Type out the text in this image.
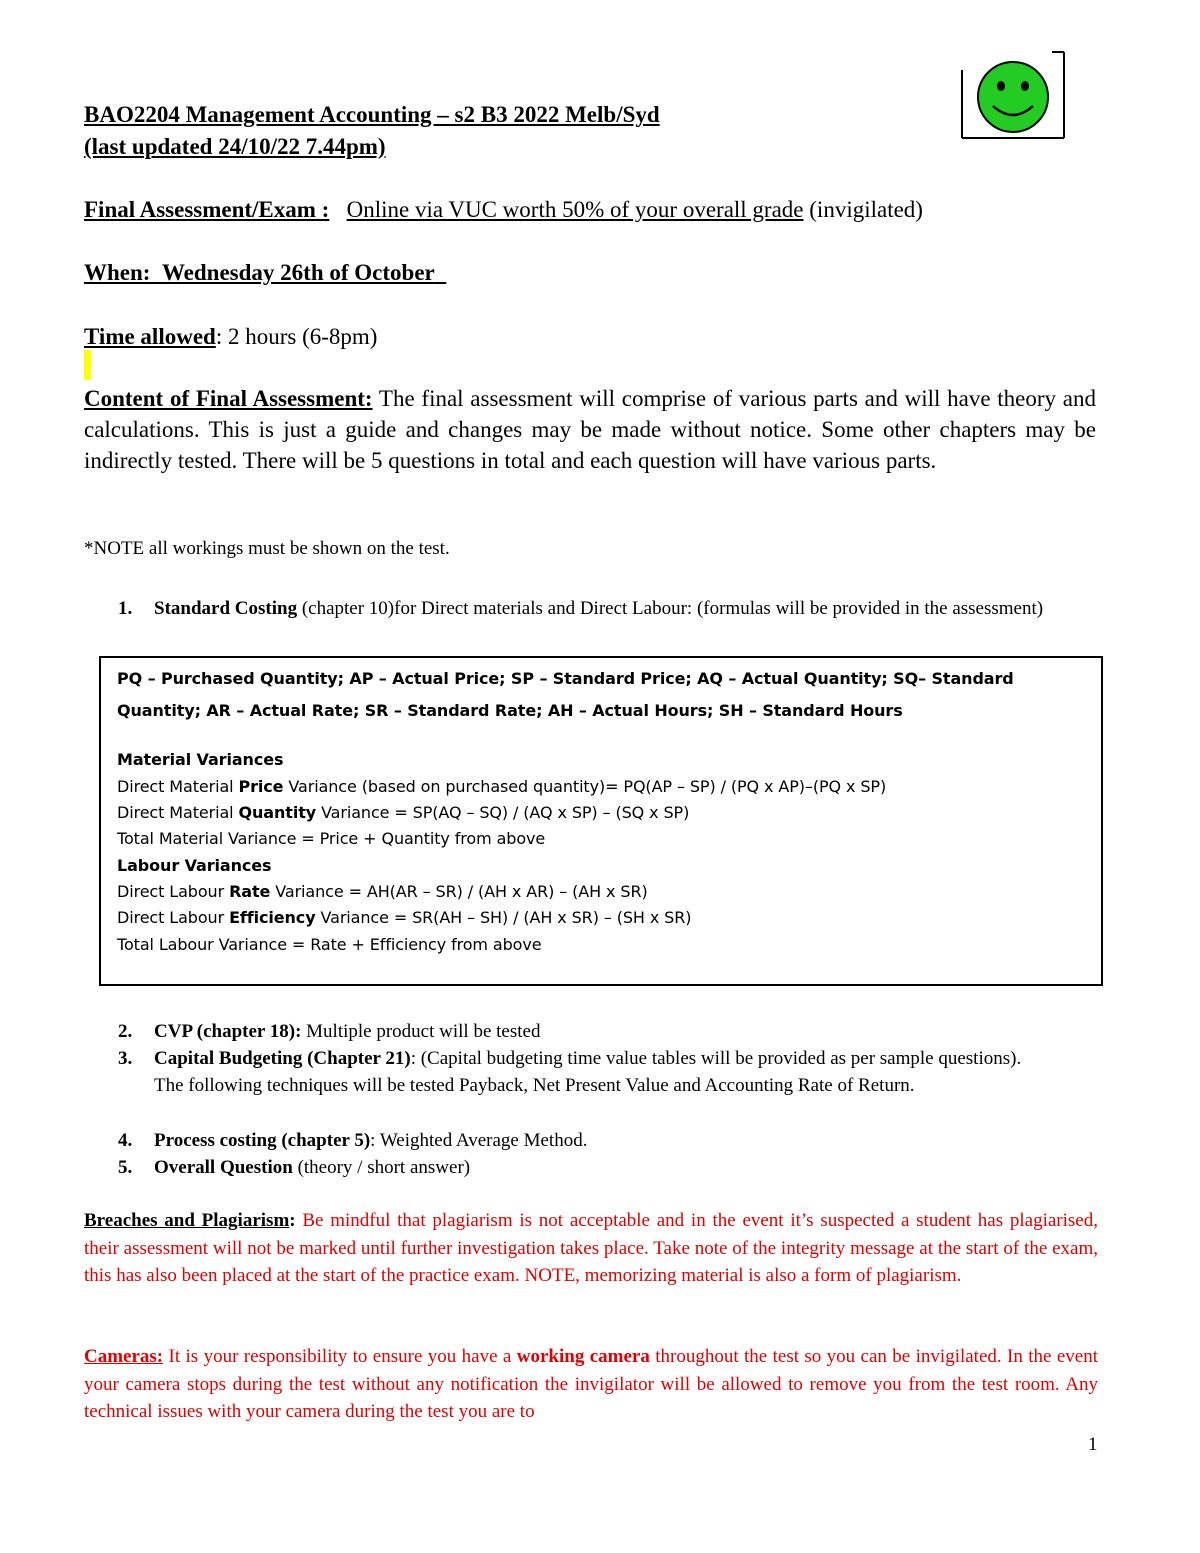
BAO2204 Management Accounting – s2 B3 2022 Melb/Syd
(last updated 24/10/22 7.44pm)
Final Assessment/Exam : Online via VUC worth 50% of your overall grade (invigilated)
When: Wednesday 26th of October
Time allowed: 2 hours (6-8pm)
Content of Final Assessment: The final assessment will comprise of various parts and will have theory and calculations. This is just a guide and changes may be made without notice. Some other chapters may be indirectly tested. There will be 5 questions in total and each question will have various parts.
*NOTE all workings must be shown on the test.
1. Standard Costing (chapter 10)for Direct materials and Direct Labour: (formulas will be provided in the assessment)
PQ – Purchased Quantity; AP – Actual Price; SP – Standard Price; AQ – Actual Quantity; SQ– Standard
Quantity; AR – Actual Rate; SR – Standard Rate; AH – Actual Hours; SH – Standard Hours
Material Variances
Direct Material Price Variance (based on purchased quantity)= PQ(AP – SP) / (PQ x AP)–(PQ x SP)
Direct Material Quantity Variance = SP(AQ – SQ) / (AQ x SP) – (SQ x SP)
Total Material Variance = Price + Quantity from above
Labour Variances
Direct Labour Rate Variance = AH(AR – SR) / (AH x AR) – (AH x SR)
Direct Labour Efficiency Variance = SR(AH – SH) / (AH x SR) – (SH x SR)
Total Labour Variance = Rate + Efficiency from above
2. CVP (chapter 18): Multiple product will be tested
3. Capital Budgeting (Chapter 21): (Capital budgeting time value tables will be provided as per sample questions). The following techniques will be tested Payback, Net Present Value and Accounting Rate of Return.
4. Process costing (chapter 5): Weighted Average Method.
5. Overall Question (theory / short answer)
Breaches and Plagiarism: Be mindful that plagiarism is not acceptable and in the event it’s suspected a student has plagiarised, their assessment will not be marked until further investigation takes place. Take note of the integrity message at the start of the exam, this has also been placed at the start of the practice exam. NOTE, memorizing material is also a form of plagiarism.
Cameras: It is your responsibility to ensure you have a working camera throughout the test so you can be invigilated. In the event your camera stops during the test without any notification the invigilator will be allowed to remove you from the test room. Any technical issues with your camera during the test you are to
1
